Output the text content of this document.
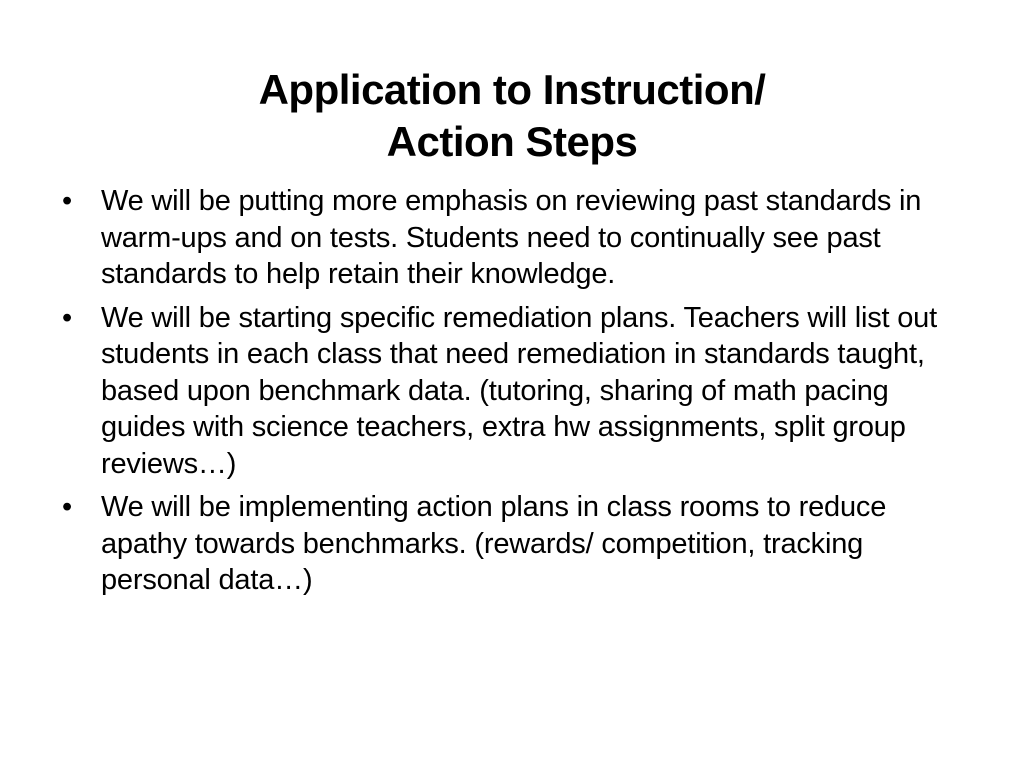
Application to Instruction/
Action Steps
• We will be putting more emphasis on reviewing past standards in warm-ups and on tests. Students need to continually see past standards to help retain their knowledge.
• We will be starting specific remediation plans. Teachers will list out students in each class that need remediation in standards taught, based upon benchmark data. (tutoring, sharing of math pacing guides with science teachers, extra hw assignments, split group reviews…)
• We will be implementing action plans in class rooms to reduce apathy towards benchmarks. (rewards/ competition, tracking personal data…)
